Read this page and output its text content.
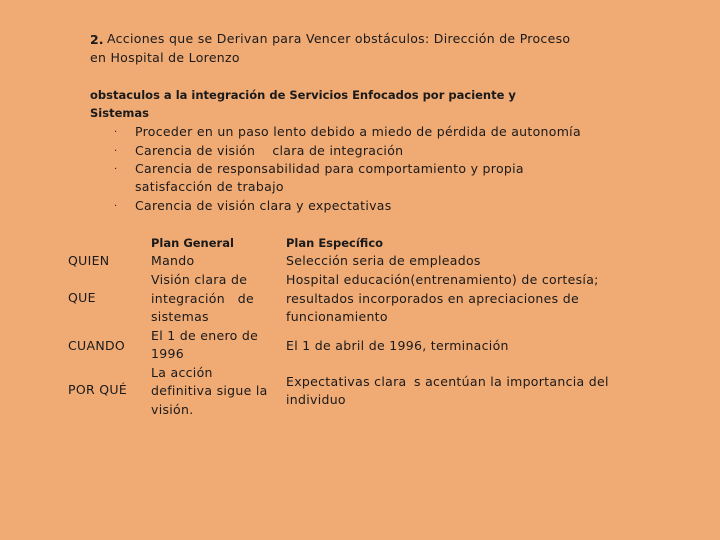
2. Acciones que se Derivan para Vencer obstáculos: Dirección de Proceso
en Hospital de Lorenzo
obstaculos a la integración de Servicios Enfocados por paciente y
Sistemas
· Proceder en un paso lento debido a miedo de pérdida de autonomía
· Carencia de visión    clara de integración
· Carencia de responsabilidad para comportamiento y propia
satisfacción de trabajo
· Carencia de visión clara y expectativas
Plan General	Plan Específico
QUIEN
QUE
CUANDO
POR QUÉ
Mando
Visión clara de
integración   de
sistemas
El 1 de enero de
1996
La acción
definitiva sigue la
visión.
Selección seria de empleados
Hospital educación(entrenamiento) de cortesía;
resultados incorporados en apreciaciones de
funcionamiento
El 1 de abril de 1996, terminación
Expectativas clara s acentúan la importancia del
individuo
